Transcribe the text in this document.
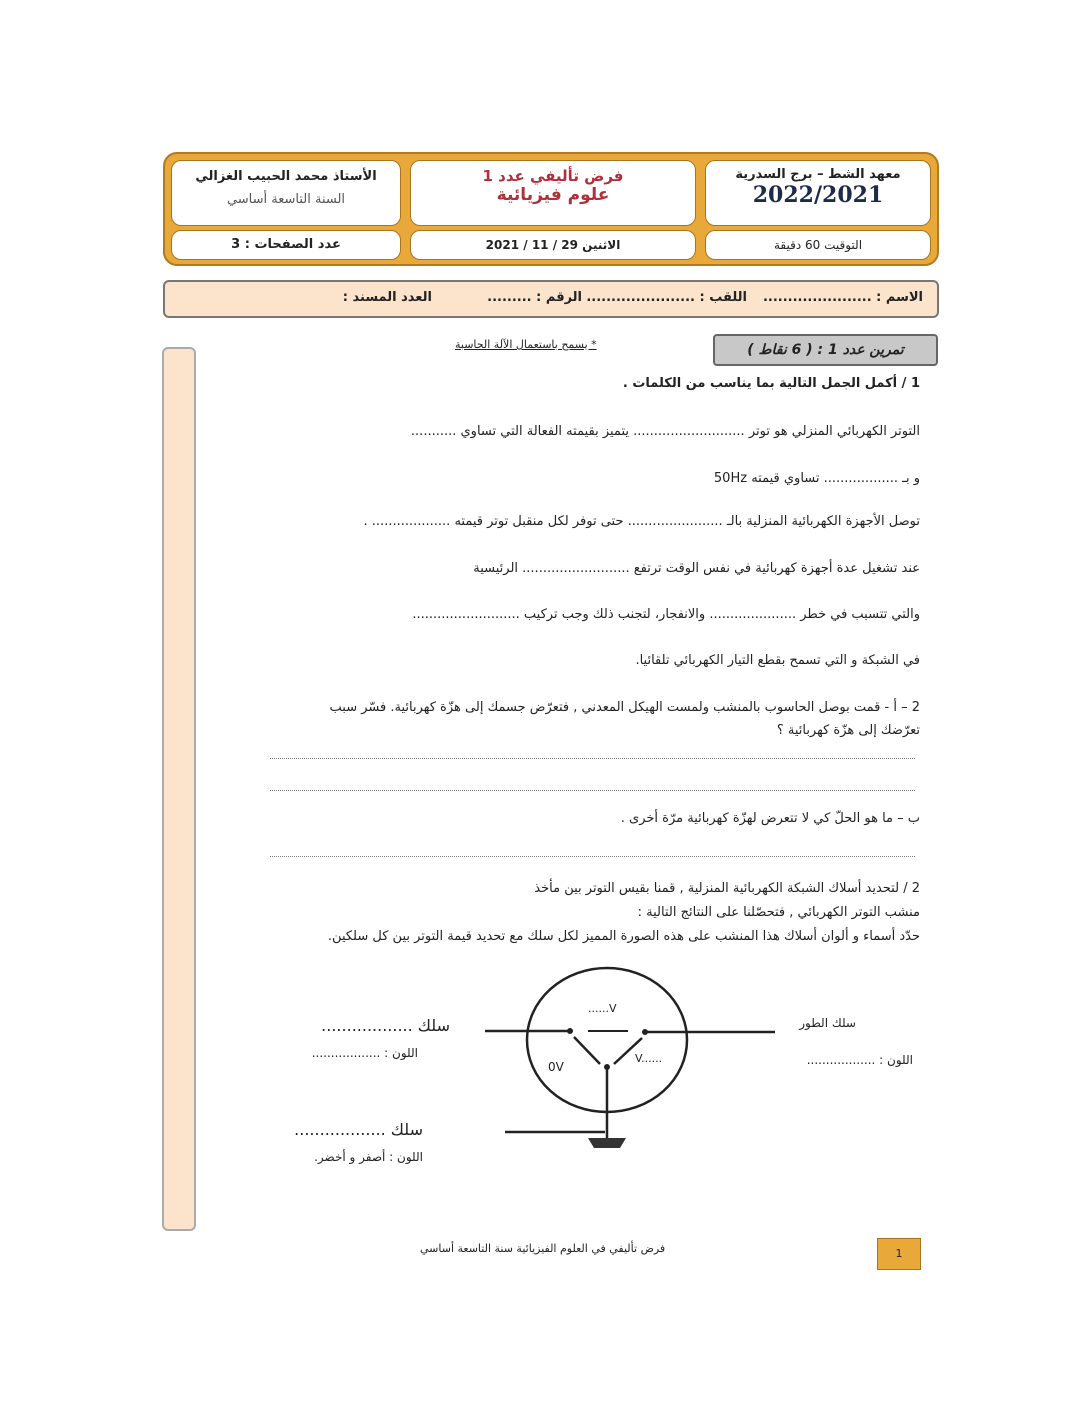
معهد الشط – برج السدرية
2022/2021
فرض تأليفي عدد 1
علوم فيزيائية
الأستاذ محمد الحبيب الغزالي
السنة التاسعة أساسي
التوقيت 60 دقيقة
الاثنين 29 / 11 / 2021
عدد الصفحات : 3
الاسم : ......................
اللقب : ......................
الرقم : .........
العدد المسند :
تمرين عدد 1 : ( 6 نقاط )
* يسمح باستعمال الآلة الحاسبة
1 / أكمل الجمل التالية بما يناسب من الكلمات .
التوتر الكهربائي المنزلي هو توتر ........................... يتميز بقيمته الفعالة التي تساوي ...........
و بـ .................. تساوي قيمته 50Hz
توصل الأجهزة الكهربائية المنزلية بالـ ....................... حتى توفر لكل منقبل توتر قيمته ................... .
عند تشغيل عدة أجهزة كهربائية في نفس الوقت ترتفع .......................... الرئيسية
والتي تتسبب في خطر ..................... والانفجار، لتجنب ذلك وجب تركيب ..........................
في الشبكة و التي تسمح بقطع التيار الكهربائي تلقائيا.
2 – أ - قمت بوصل الحاسوب بالمنشب ولمست الهيكل المعدني , فتعرّض جسمك إلى هزّة كهربائية. فسّر سبب
تعرّضك إلى هزّة كهربائية ؟
ب – ما هو الحلّ كي لا تتعرض لهزّة كهربائية مرّة أخرى .
2 / لتحديد أسلاك الشبكة الكهربائية المنزلية , قمنا بقيس التوتر بين مأخذ
منشب التوتر الكهربائي , فتحصّلنا على النتائج التالية :
حدّد أسماء و ألوان أسلاك هذا المنشب على هذه الصورة المميز لكل سلك مع تحديد قيمة التوتر بين كل سلكين.
......V
0V
V......
سلك ..................
اللون : ..................
سلك الطور
اللون : ..................
سلك ..................
اللون : أصفر و أخضر.
فرض تأليفي في العلوم الفيزيائية سنة التاسعة أساسي	1
